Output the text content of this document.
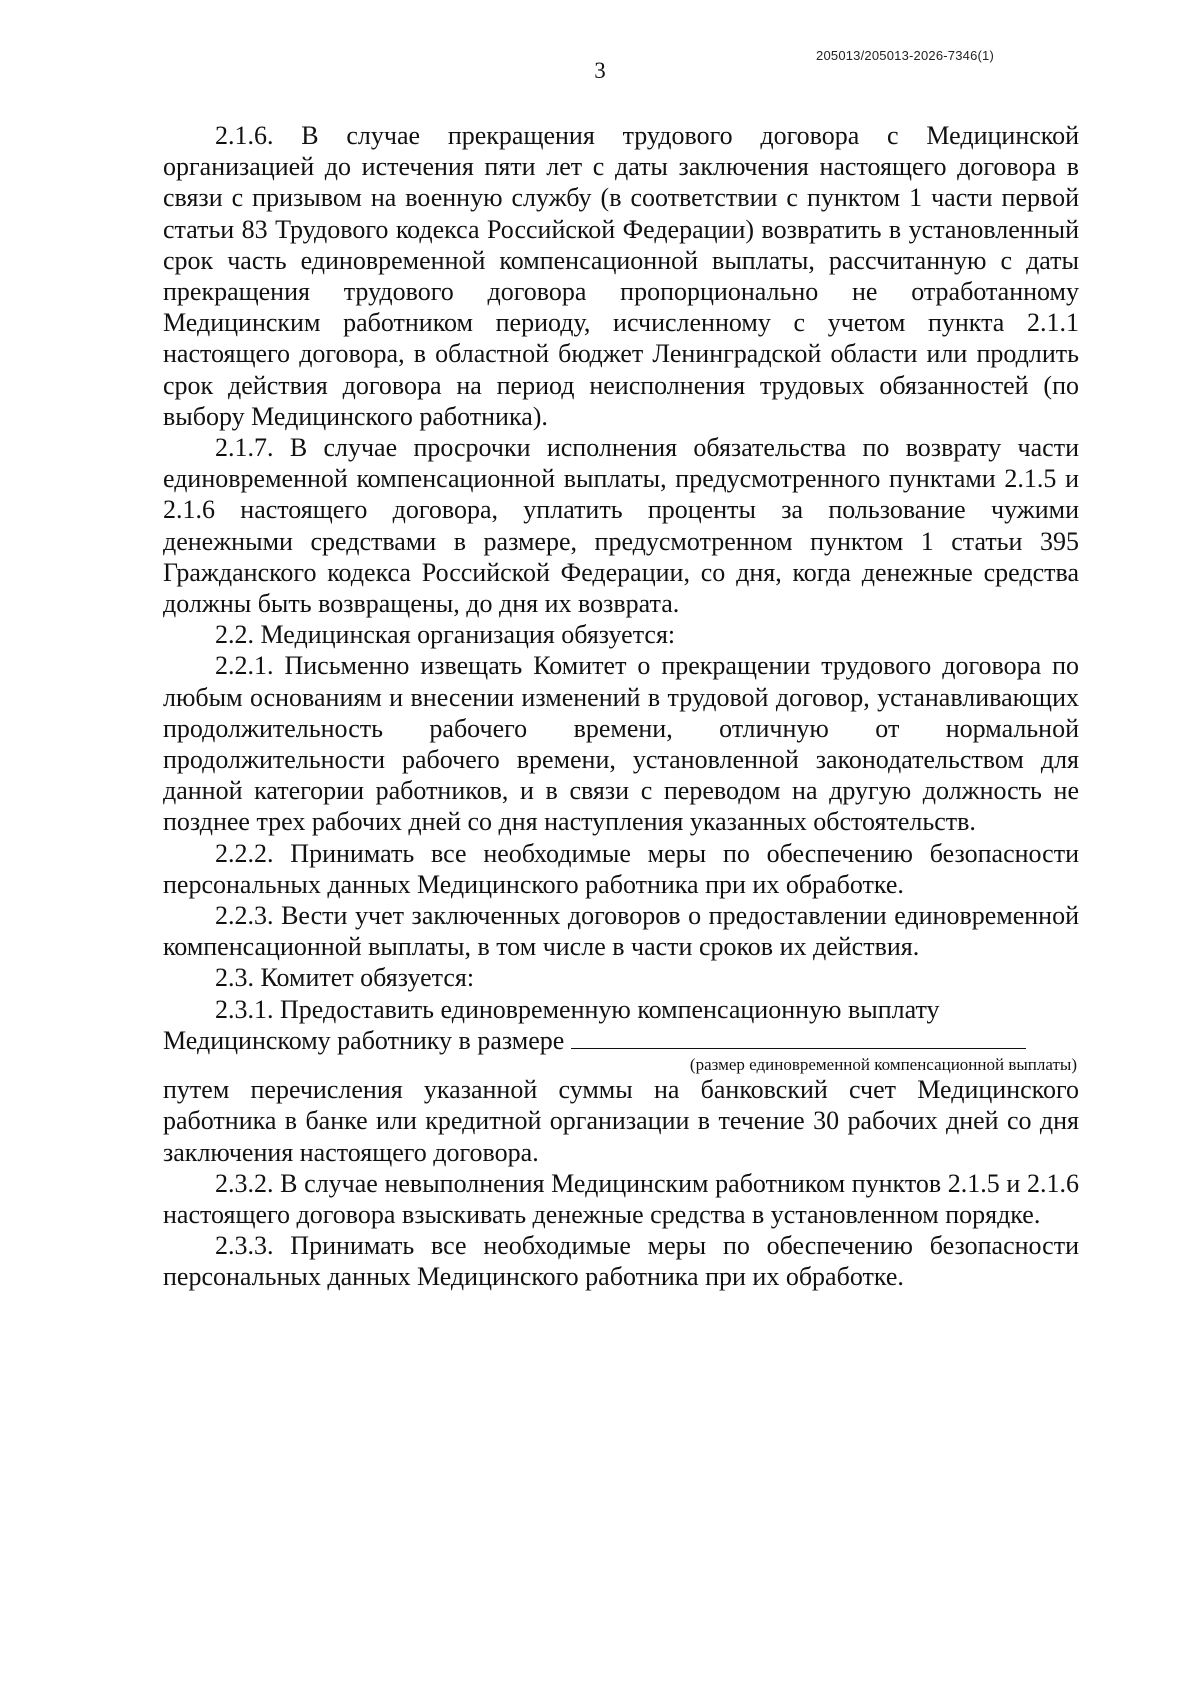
205013/205013-2026-7346(1)
3

2.1.6. В случае прекращения трудового договора с Медицинской организацией до истечения пяти лет с даты заключения настоящего договора в связи с призывом на военную службу (в соответствии с пунктом 1 части первой статьи 83 Трудового кодекса Российской Федерации) возвратить в установленный срок часть единовременной компенсационной выплаты, рассчитанную с даты прекращения трудового договора пропорционально не отработанному Медицинским работником периоду, исчисленному с учетом пункта 2.1.1 настоящего договора, в областной бюджет Ленинградской области или продлить срок действия договора на период неисполнения трудовых обязанностей (по выбору Медицинского работника).

2.1.7. В случае просрочки исполнения обязательства по возврату части единовременной компенсационной выплаты, предусмотренного пунктами 2.1.5 и 2.1.6 настоящего договора, уплатить проценты за пользование чужими денежными средствами в размере, предусмотренном пунктом 1 статьи 395 Гражданского кодекса Российской Федерации, со дня, когда денежные средства должны быть возвращены, до дня их возврата.

2.2. Медицинская организация обязуется:

2.2.1. Письменно извещать Комитет о прекращении трудового договора по любым основаниям и внесении изменений в трудовой договор, устанавливающих продолжительность рабочего времени, отличную от нормальной продолжительности рабочего времени, установленной законодательством для данной категории работников, и в связи с переводом на другую должность не позднее трех рабочих дней со дня наступления указанных обстоятельств.

2.2.2. Принимать все необходимые меры по обеспечению безопасности персональных данных Медицинского работника при их обработке.

2.2.3. Вести учет заключенных договоров о предоставлении единовременной компенсационной выплаты, в том числе в части сроков их действия.

2.3. Комитет обязуется:

2.3.1. Предоставить единовременную компенсационную выплату

Медицинскому работнику в размере
(размер единовременной компенсационной выплаты)

путем перечисления указанной суммы на банковский счет Медицинского работника в банке или кредитной организации в течение 30 рабочих дней со дня заключения настоящего договора.

2.3.2. В случае невыполнения Медицинским работником пунктов 2.1.5 и 2.1.6 настоящего договора взыскивать денежные средства в установленном порядке.

2.3.3. Принимать все необходимые меры по обеспечению безопасности персональных данных Медицинского работника при их обработке.
